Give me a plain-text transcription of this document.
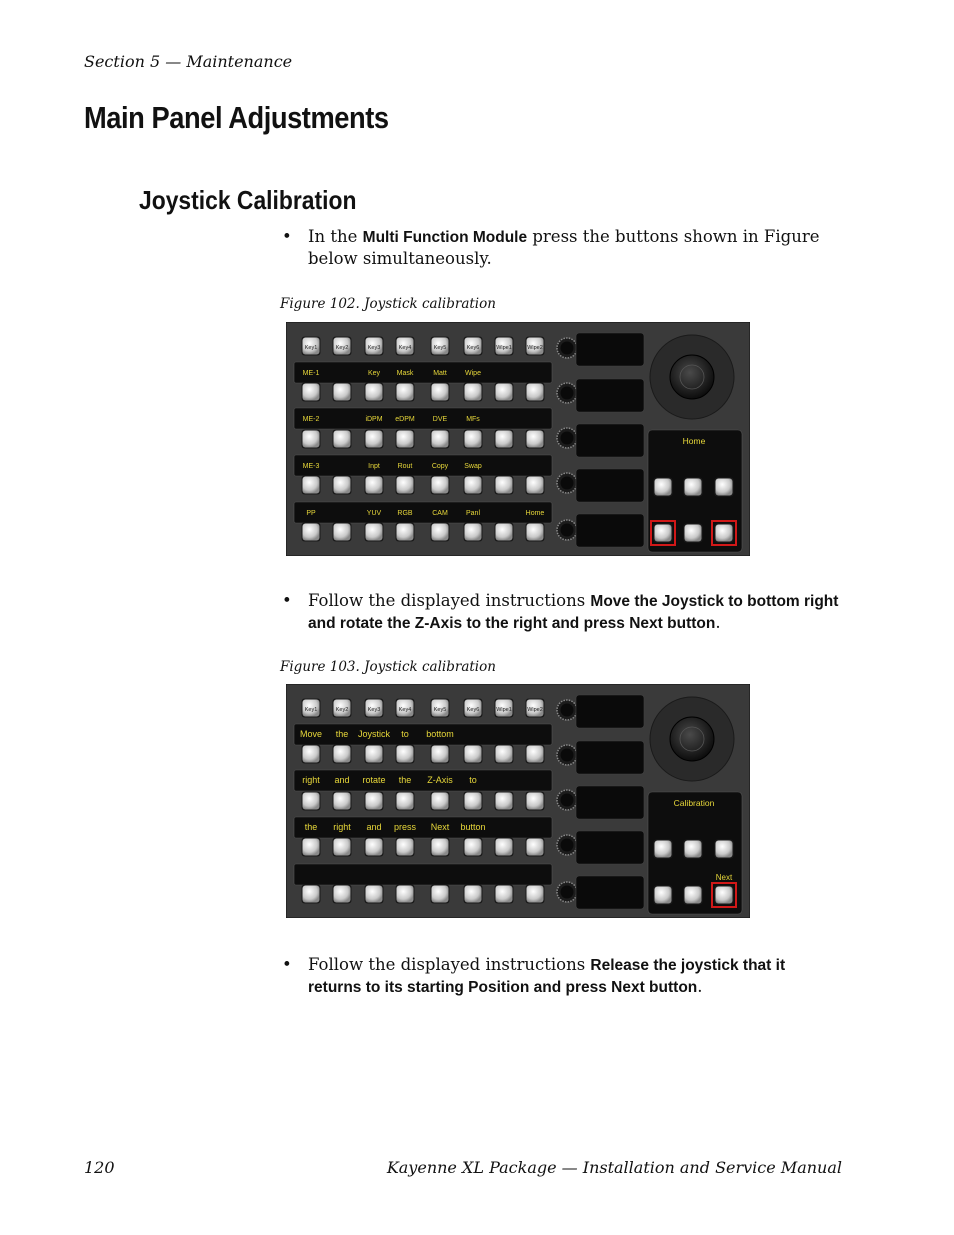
Section 5 — Maintenance
Main Panel Adjustments
Joystick Calibration
• In the Multi Function Module press the buttons shown in Figure below simultaneously.
Figure 102. Joystick calibration
Key1	Key2	Key3	Key4	Key5	Key6	Wipe1	Wipe2
ME-1	Key Mask	Matt	Wipe
ME-2	iDPM eDPM	DVE	MFs
ME-3	Inpt	Rout	Copy Swap
PP	YUV RGB	CAM	Panl	Home
Home
• Follow the displayed instructions Move the Joystick to bottom right and rotate the Z-Axis to the right and press Next button.
Figure 103. Joystick calibration
Key1	Key2	Key3	Key4	Key5	Key6	Wipe1	Wipe2
Move the Joystick to bottom
right and rotate the Z-Axis to
the right and press Next button
Calibration
Next
• Follow the displayed instructions Release the joystick that it returns to its starting Position and press Next button.
120	Kayenne XL Package — Installation and Service Manual
